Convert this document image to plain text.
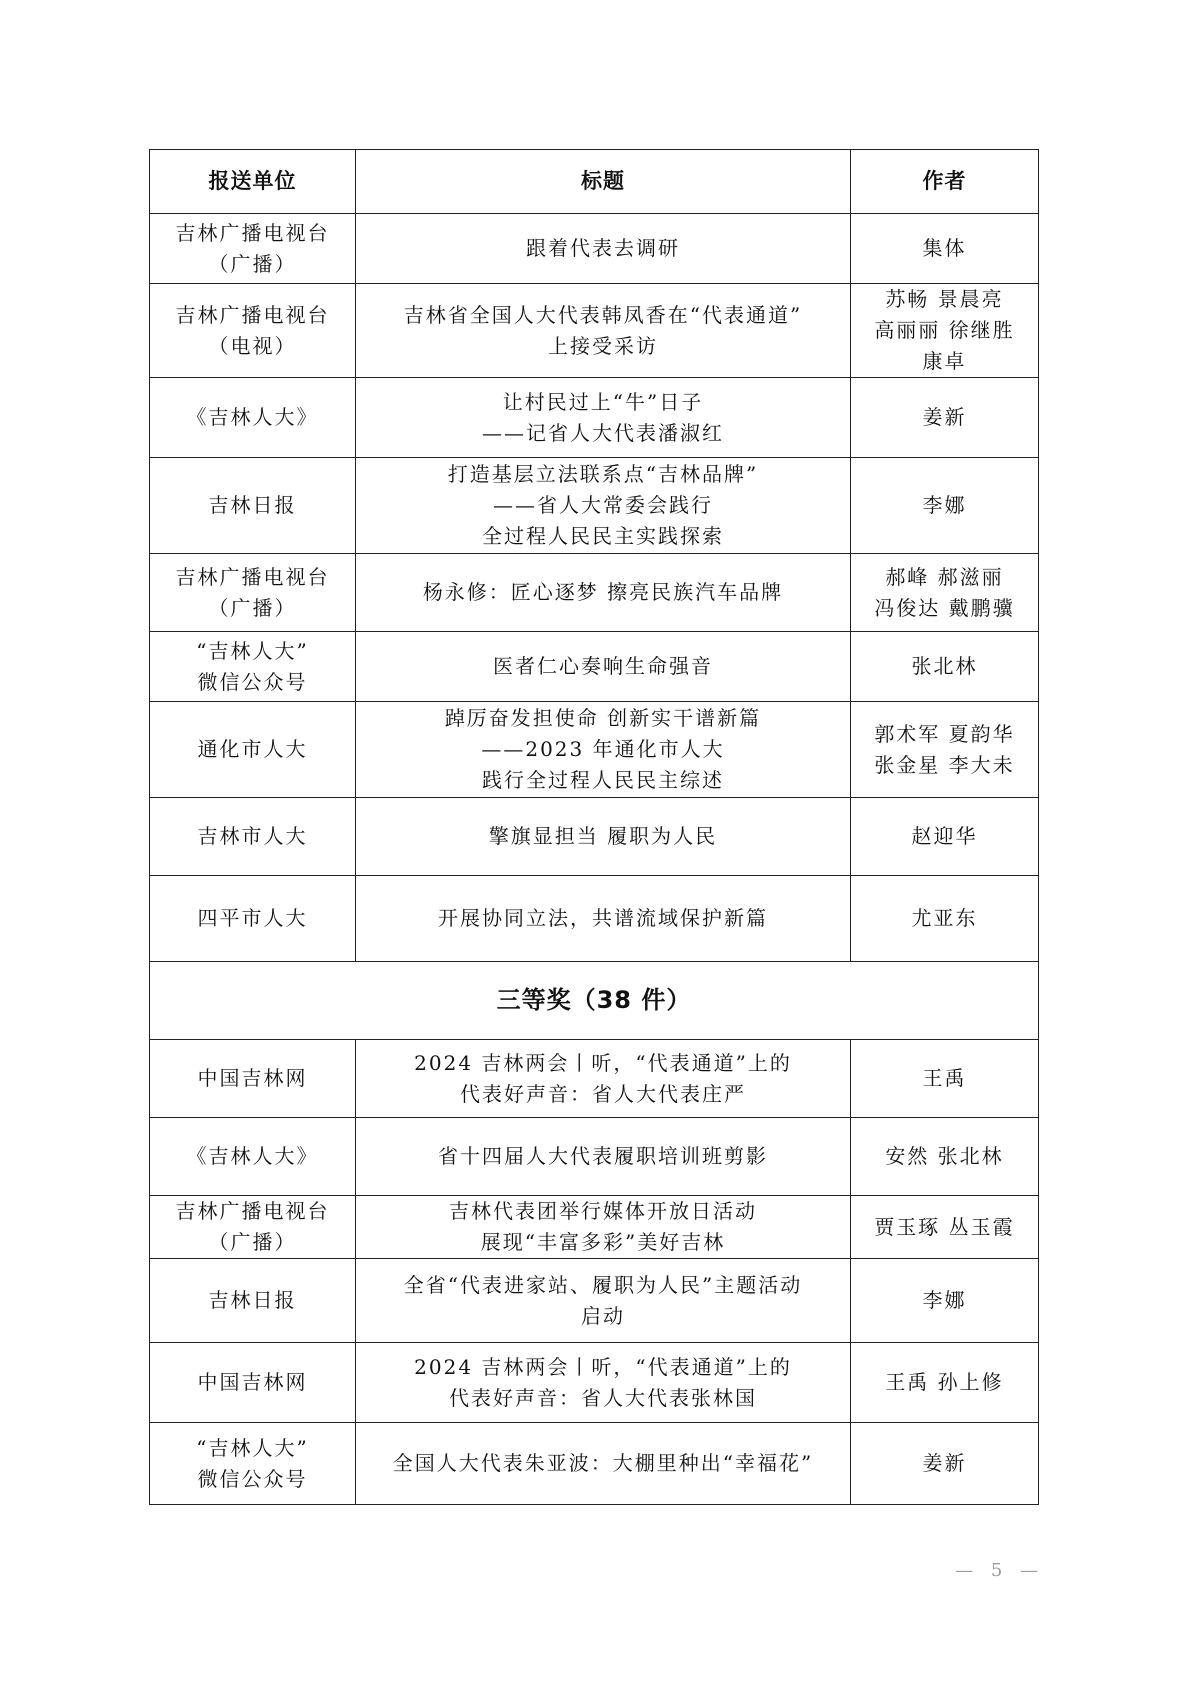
报送单位	标题	作者

吉林广播电视台
（广播）	跟着代表去调研	集体

吉林广播电视台
（电视）	吉林省全国人大代表韩凤香在“代表通道”
上接受采访	苏畅 景晨亮
高丽丽 徐继胜
康卓

《吉林人大》	让村民过上“牛”日子
——记省人大代表潘淑红	姜新

吉林日报	打造基层立法联系点“吉林品牌”
——省人大常委会践行
全过程人民民主实践探索	李娜

吉林广播电视台
（广播）	杨永修：匠心逐梦 擦亮民族汽车品牌	郝峰 郝滋丽
冯俊达 戴鹏骥

“吉林人大”
微信公众号	医者仁心奏响生命强音	张北林

通化市人大	踔厉奋发担使命 创新实干谱新篇
——2023 年通化市人大
践行全过程人民民主综述	郭术军 夏韵华
张金星 李大未

吉林市人大	擎旗显担当 履职为人民	赵迎华

四平市人大	开展协同立法，共谱流域保护新篇	尤亚东

三等奖（38 件）		

中国吉林网	2024 吉林两会丨听，“代表通道”上的
代表好声音：省人大代表庄严	王禹

《吉林人大》	省十四届人大代表履职培训班剪影	安然 张北林

吉林广播电视台
（广播）	吉林代表团举行媒体开放日活动
展现“丰富多彩”美好吉林	贾玉琢 丛玉霞

吉林日报	全省“代表进家站、履职为人民”主题活动
启动	李娜

中国吉林网	2024 吉林两会丨听，“代表通道”上的
代表好声音：省人大代表张林国	王禹 孙上修

“吉林人大”
微信公众号	全国人大代表朱亚波：大棚里种出“幸福花”	姜新
— 5 —
